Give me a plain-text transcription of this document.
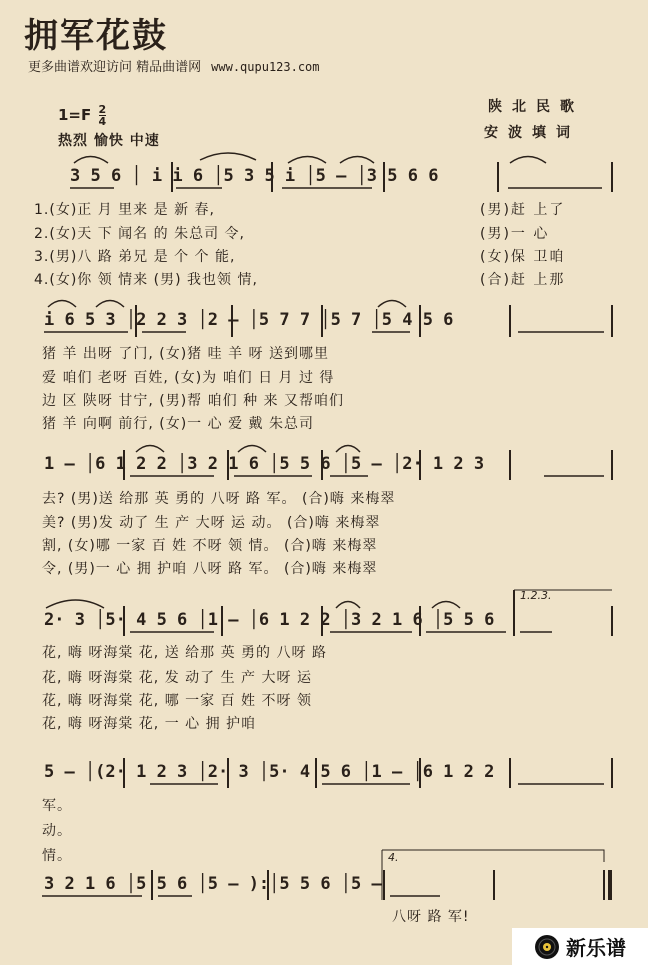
拥军花鼓
更多曲谱欢迎访问 精品曲谱网 www.qupu123.com
$1=F \frac{2}{4}$
热烈 愉快 中速
陕北民歌
安波填词
3 5 6 │ i i 6 │5 3 5 i │5 – │3 5 6 6
1.(女)正 月 里来 是 新 春,
2.(女)天 下 闻名 的 朱总司 令,
3.(男)八 路 弟兄 是 个 个 能,
4.(女)你 领 情来 (男) 我也领 情,
(男)赶 上了
(男)一 心
(女)保 卫咱
(合)赶 上那
i 6 5 3 │2 2 3 │2 – │5 7 7 │5 7 │5 4 5 6
猪 羊 出呀 了门, (女)猪 哇 羊 呀 送到哪里
爱 咱们 老呀 百姓, (女)为 咱们 日 月 过 得
边 区 陕呀 甘宁, (男)帮 咱们 种 来 又帮咱们
猪 羊 向啊 前行, (女)一 心 爱 戴 朱总司
1 – │6 1 2 2 │3 2 1 6 │5 5 6 │5 – │2· 1 2 3
去? (男)送 给那 英 勇的 八呀 路 军。 (合)嗨 来梅翠
美? (男)发 动了 生 产 大呀 运 动。 (合)嗨 来梅翠
割, (女)哪 一家 百 姓 不呀 领 情。 (合)嗨 来梅翠
令, (男)一 心 拥 护咱 八呀 路 军。 (合)嗨 来梅翠
1.2.3.
2· 3 │5· 4 5 6 │1 – │6 1 2 2 │3 2 1 6 │5 5 6
花, 嗨 呀海棠 花, 送 给那 英 勇的 八呀 路
花, 嗨 呀海棠 花, 发 动了 生 产 大呀 运
花, 嗨 呀海棠 花, 哪 一家 百 姓 不呀 领
花, 嗨 呀海棠 花, 一 心 拥 护咱
5 – │(2· 1 2 3 │2· 3 │5· 4 5 6 │1 – │6 1 2 2
军。
动。
情。	4.
3 2 1 6 │5 5 6 │5 – ):│5 5 6 │5 –
八呀 路 军!
新乐谱
